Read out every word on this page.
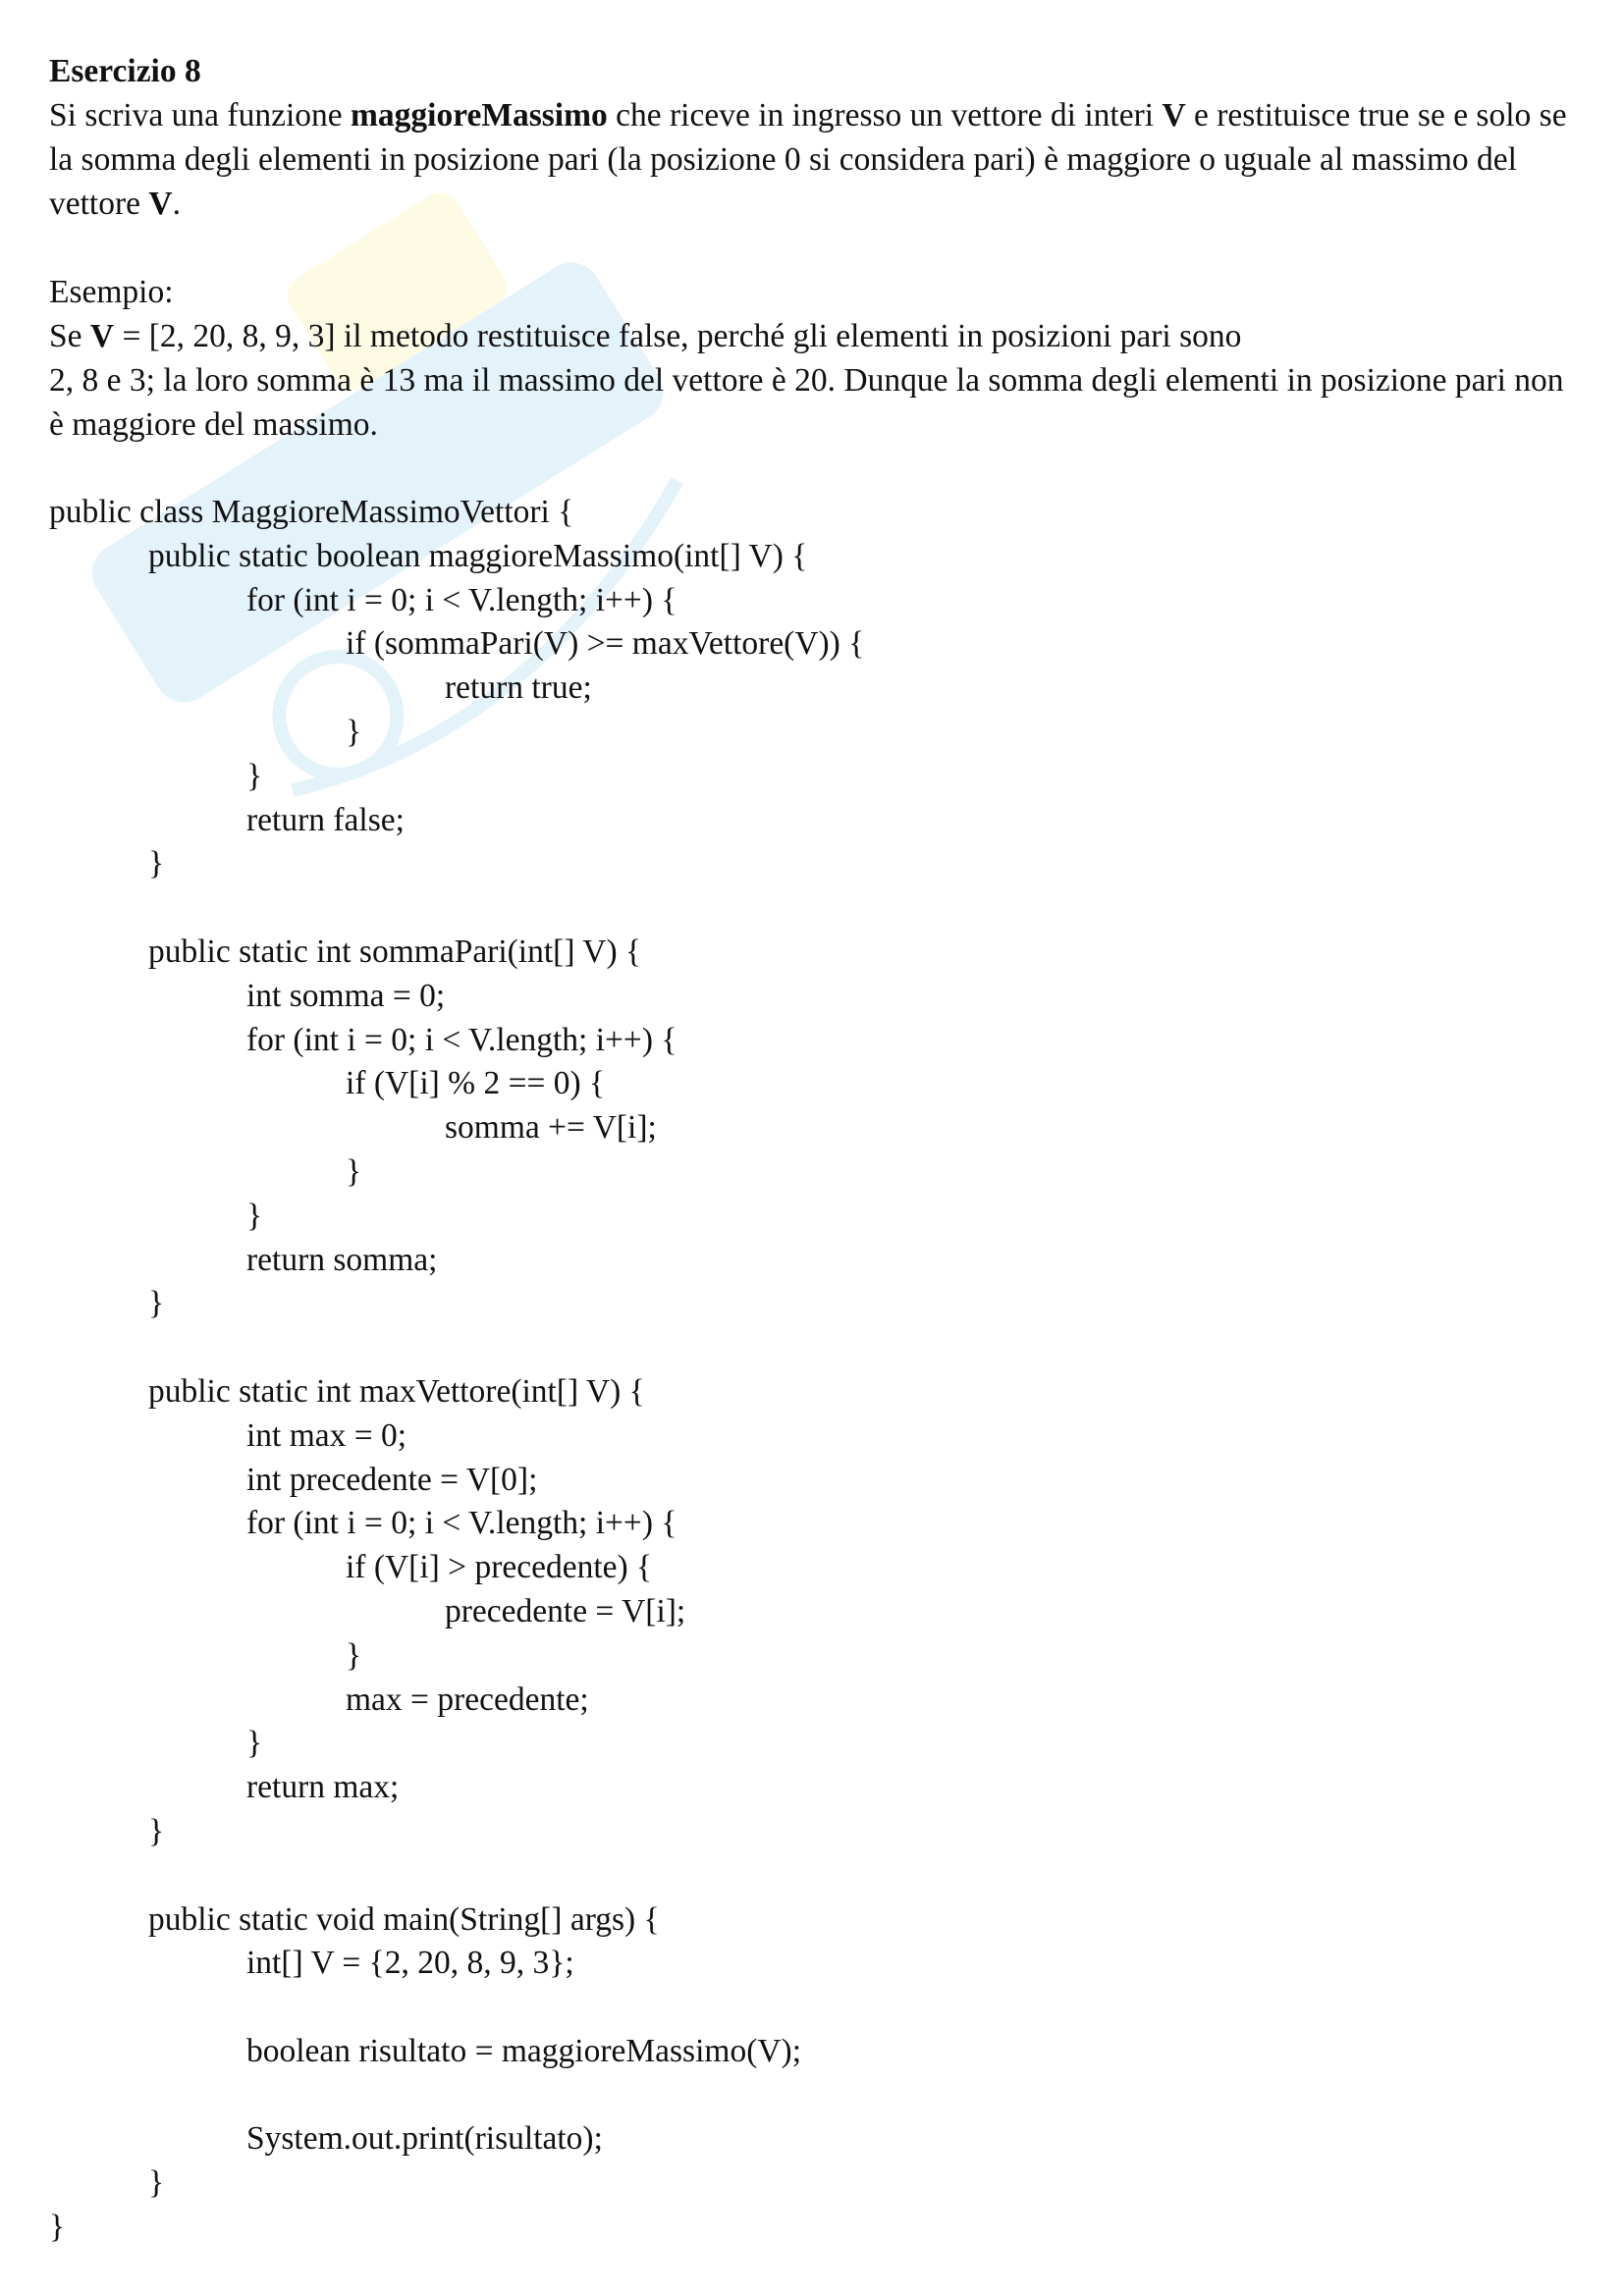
Esercizio 8
Si scriva una funzione maggioreMassimo che riceve in ingresso un vettore di interi V e restituisce true se e solo se la somma degli elementi in posizione pari (la posizione 0 si considera pari) è maggiore o uguale al massimo del vettore V.
Esempio:
Se V = [2, 20, 8, 9, 3] il metodo restituisce false, perché gli elementi in posizioni pari sono
2, 8 e 3; la loro somma è 13 ma il massimo del vettore è 20. Dunque la somma degli elementi in posizione pari non è maggiore del massimo.
public class MaggioreMassimoVettori {
public static boolean maggioreMassimo(int[] V) {
for (int i = 0; i < V.length; i++) {
if (sommaPari(V) >= maxVettore(V)) {
return true;
}
}
return false;
}
public static int sommaPari(int[] V) {
int somma = 0;
for (int i = 0; i < V.length; i++) {
if (V[i] % 2 == 0) {
somma += V[i];
}
}
return somma;
}
public static int maxVettore(int[] V) {
int max = 0;
int precedente = V[0];
for (int i = 0; i < V.length; i++) {
if (V[i] > precedente) {
precedente = V[i];
}
max = precedente;
}
return max;
}
public static void main(String[] args) {
int[] V = {2, 20, 8, 9, 3};
boolean risultato = maggioreMassimo(V);
System.out.print(risultato);
}
}
